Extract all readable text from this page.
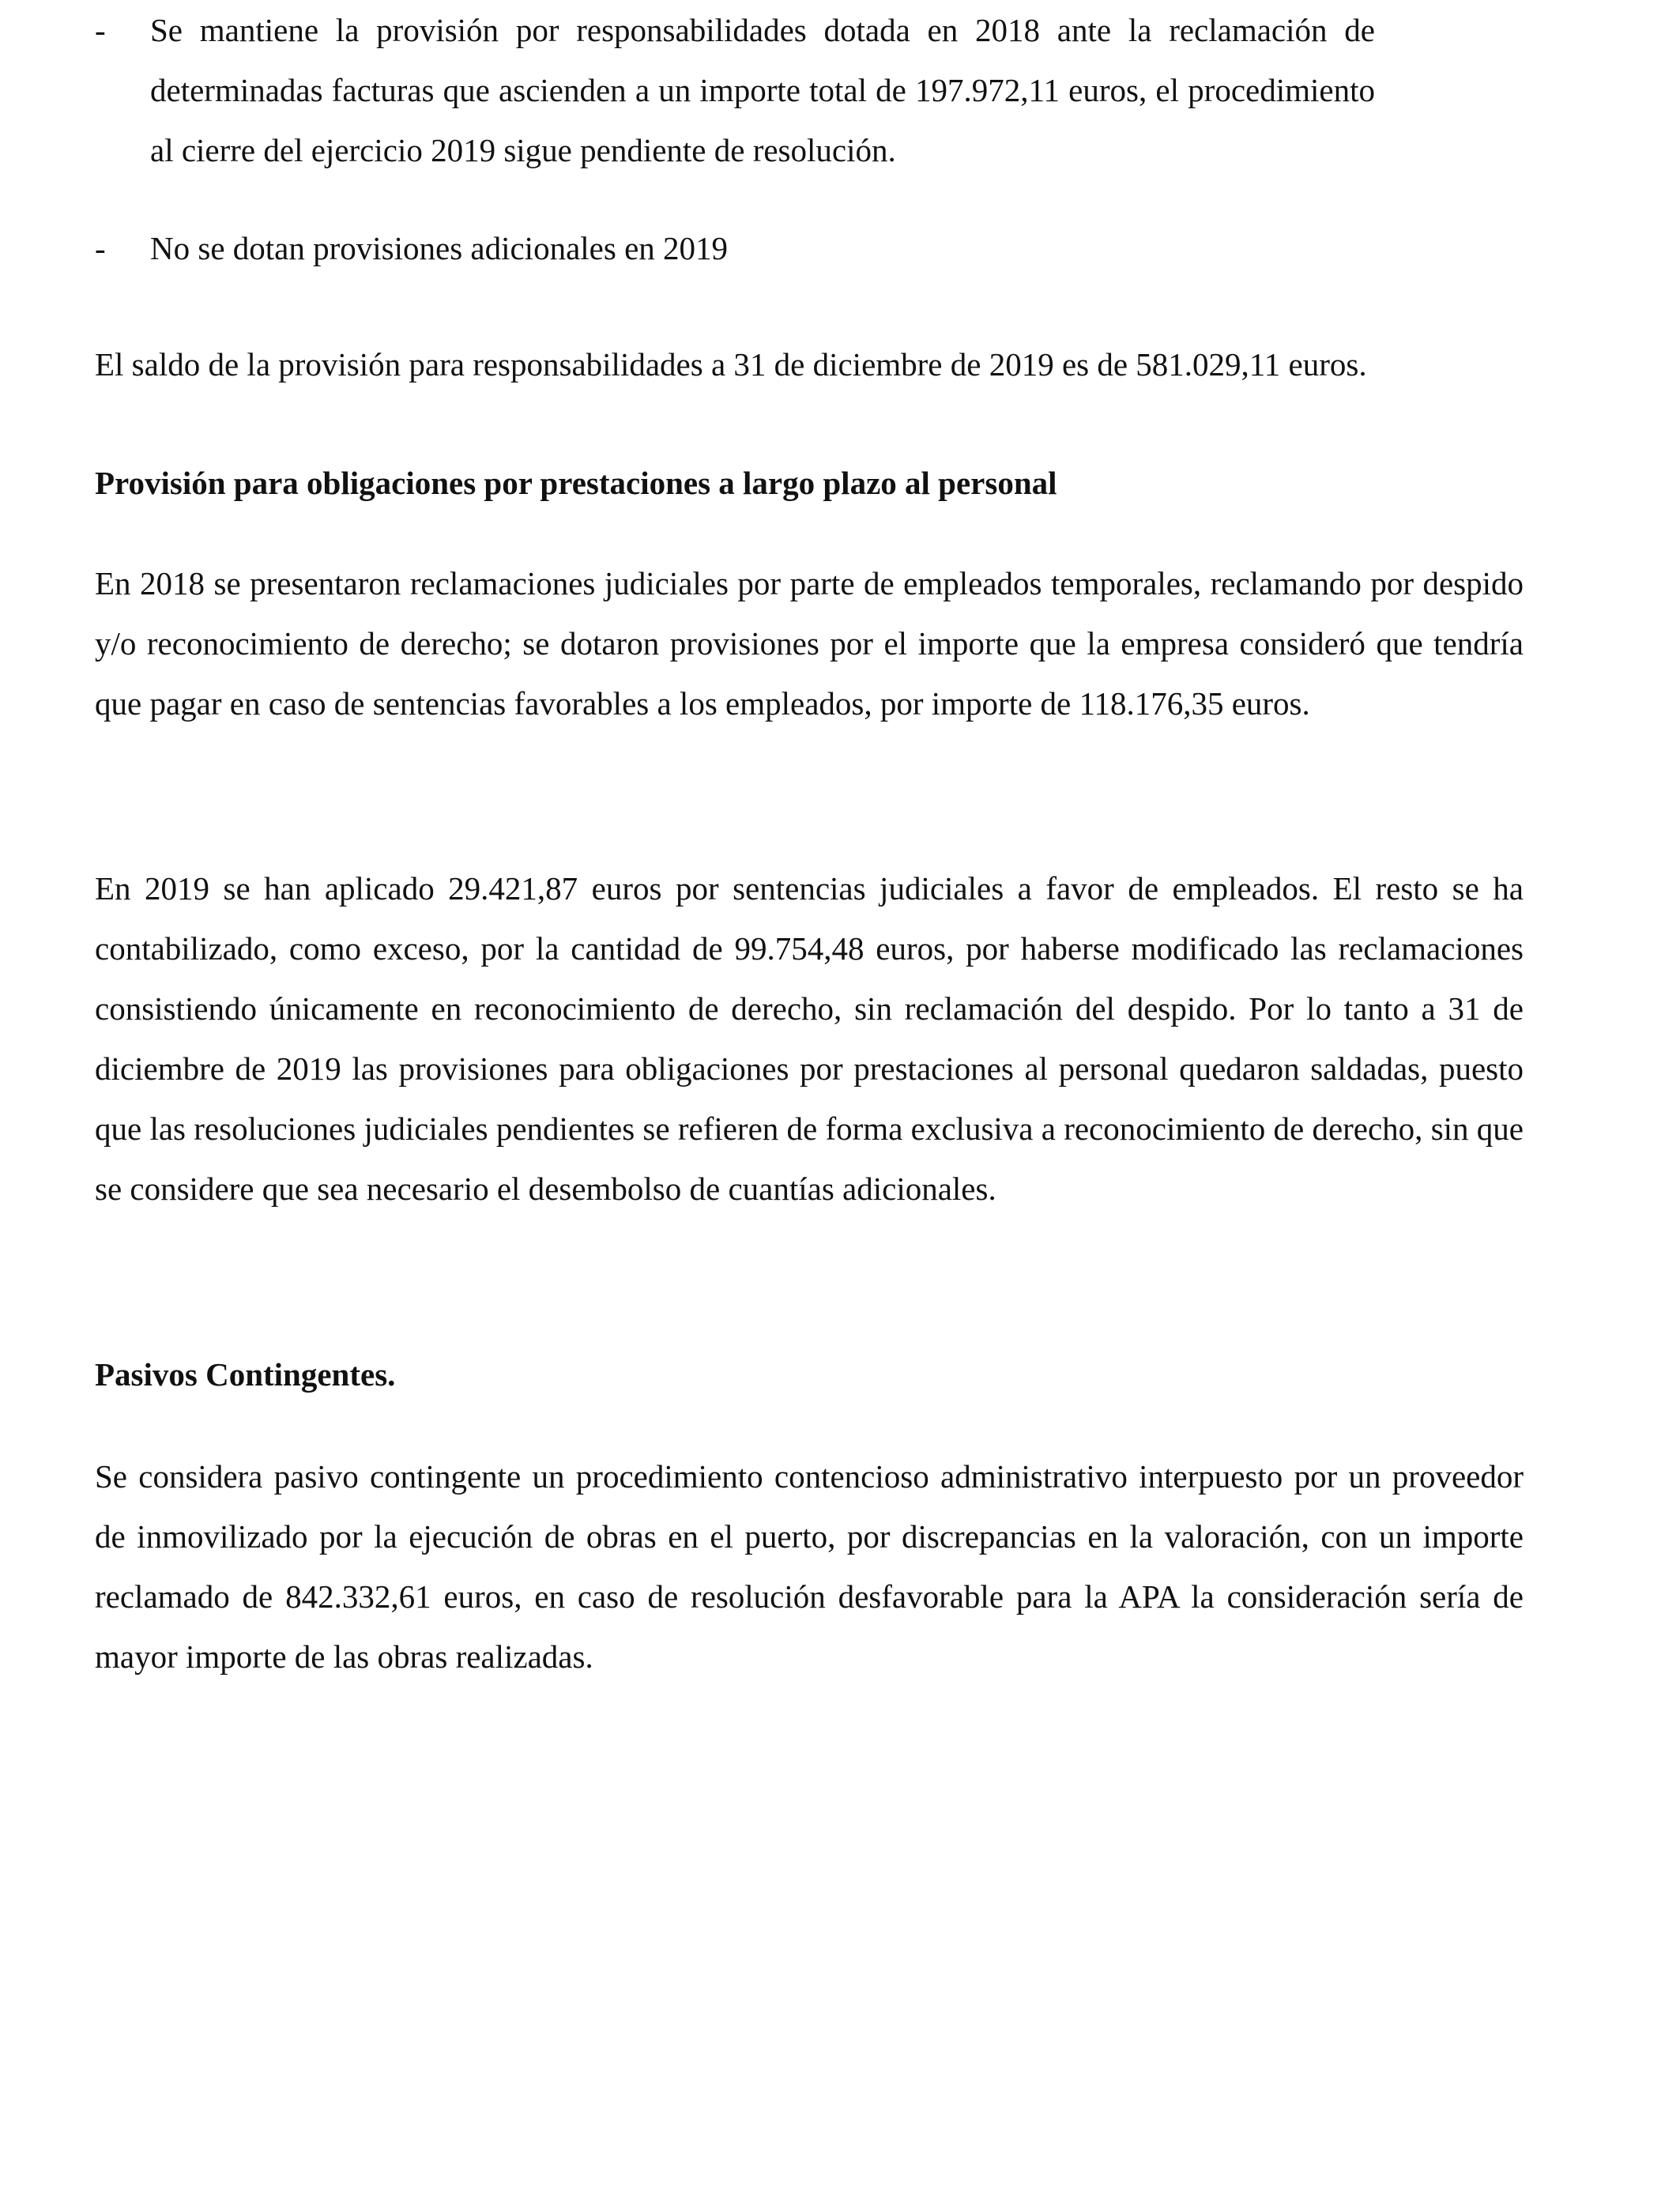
- Se mantiene la provisión por responsabilidades dotada en 2018 ante la reclamación de determinadas facturas que ascienden a un importe total de 197.972,11 euros, el procedimiento al cierre del ejercicio 2019 sigue pendiente de resolución.
- No se dotan provisiones adicionales en 2019

El saldo de la provisión para responsabilidades a 31 de diciembre de 2019 es de 581.029,11 euros.

Provisión para obligaciones por prestaciones a largo plazo al personal

En 2018 se presentaron reclamaciones judiciales por parte de empleados temporales, reclamando por despido y/o reconocimiento de derecho; se dotaron provisiones por el importe que la empresa consideró que tendría que pagar en caso de sentencias favorables a los empleados, por importe de 118.176,35 euros.

En 2019 se han aplicado 29.421,87 euros por sentencias judiciales a favor de empleados. El resto se ha contabilizado, como exceso, por la cantidad de 99.754,48 euros, por haberse modificado las reclamaciones consistiendo únicamente en reconocimiento de derecho, sin reclamación del despido. Por lo tanto a 31 de diciembre de 2019 las provisiones para obligaciones por prestaciones al personal quedaron saldadas, puesto que las resoluciones judiciales pendientes se refieren de forma exclusiva a reconocimiento de derecho, sin que se considere que sea necesario el desembolso de cuantías adicionales.

Pasivos Contingentes.

Se considera pasivo contingente un procedimiento contencioso administrativo interpuesto por un proveedor de inmovilizado por la ejecución de obras en el puerto, por discrepancias en la valoración, con un importe reclamado de 842.332,61 euros, en caso de resolución desfavorable para la APA la consideración sería de mayor importe de las obras realizadas.
